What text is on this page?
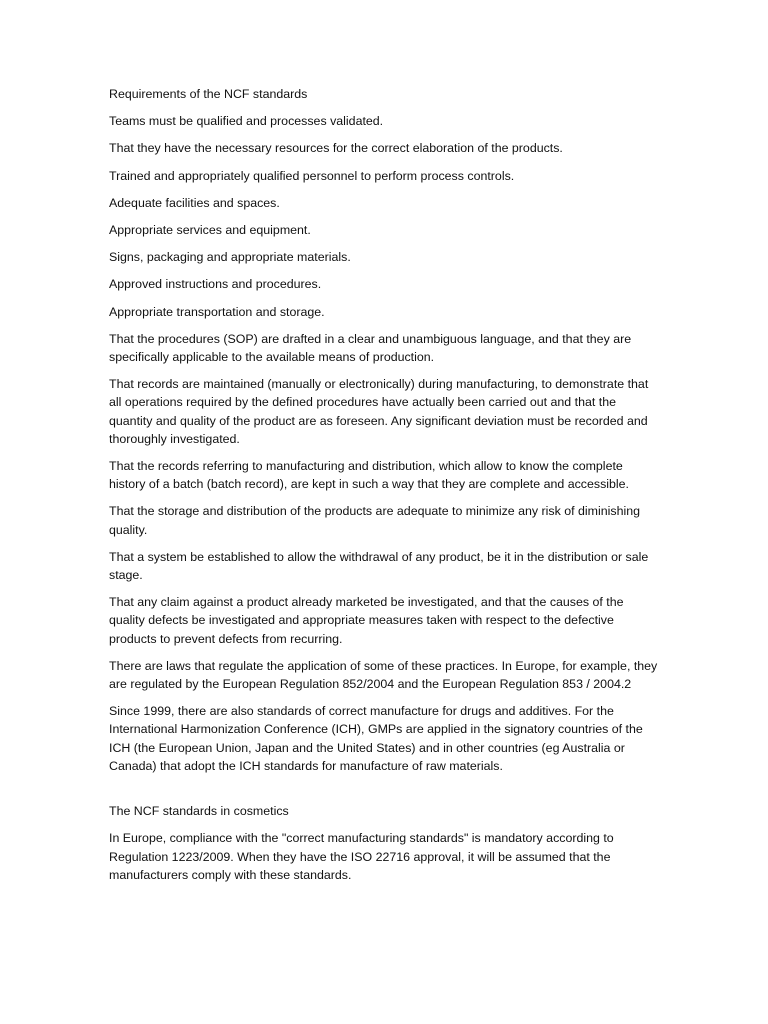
Requirements of the NCF standards

Teams must be qualified and processes validated.

That they have the necessary resources for the correct elaboration of the products.

Trained and appropriately qualified personnel to perform process controls.

Adequate facilities and spaces.

Appropriate services and equipment.

Signs, packaging and appropriate materials.

Approved instructions and procedures.

Appropriate transportation and storage.

That the procedures (SOP) are drafted in a clear and unambiguous language, and that they are specifically applicable to the available means of production.

That records are maintained (manually or electronically) during manufacturing, to demonstrate that all operations required by the defined procedures have actually been carried out and that the quantity and quality of the product are as foreseen. Any significant deviation must be recorded and thoroughly investigated.

That the records referring to manufacturing and distribution, which allow to know the complete history of a batch (batch record), are kept in such a way that they are complete and accessible.

That the storage and distribution of the products are adequate to minimize any risk of diminishing quality.

That a system be established to allow the withdrawal of any product, be it in the distribution or sale stage.

That any claim against a product already marketed be investigated, and that the causes of the quality defects be investigated and appropriate measures taken with respect to the defective products to prevent defects from recurring.

There are laws that regulate the application of some of these practices. In Europe, for example, they are regulated by the European Regulation 852/2004 and the European Regulation 853 / 2004.2

Since 1999, there are also standards of correct manufacture for drugs and additives. For the International Harmonization Conference (ICH), GMPs are applied in the signatory countries of the ICH (the European Union, Japan and the United States) and in other countries (eg Australia or Canada) that adopt the ICH standards for manufacture of raw materials.

The NCF standards in cosmetics

In Europe, compliance with the "correct manufacturing standards" is mandatory according to Regulation 1223/2009. When they have the ISO 22716 approval, it will be assumed that the manufacturers comply with these standards.
